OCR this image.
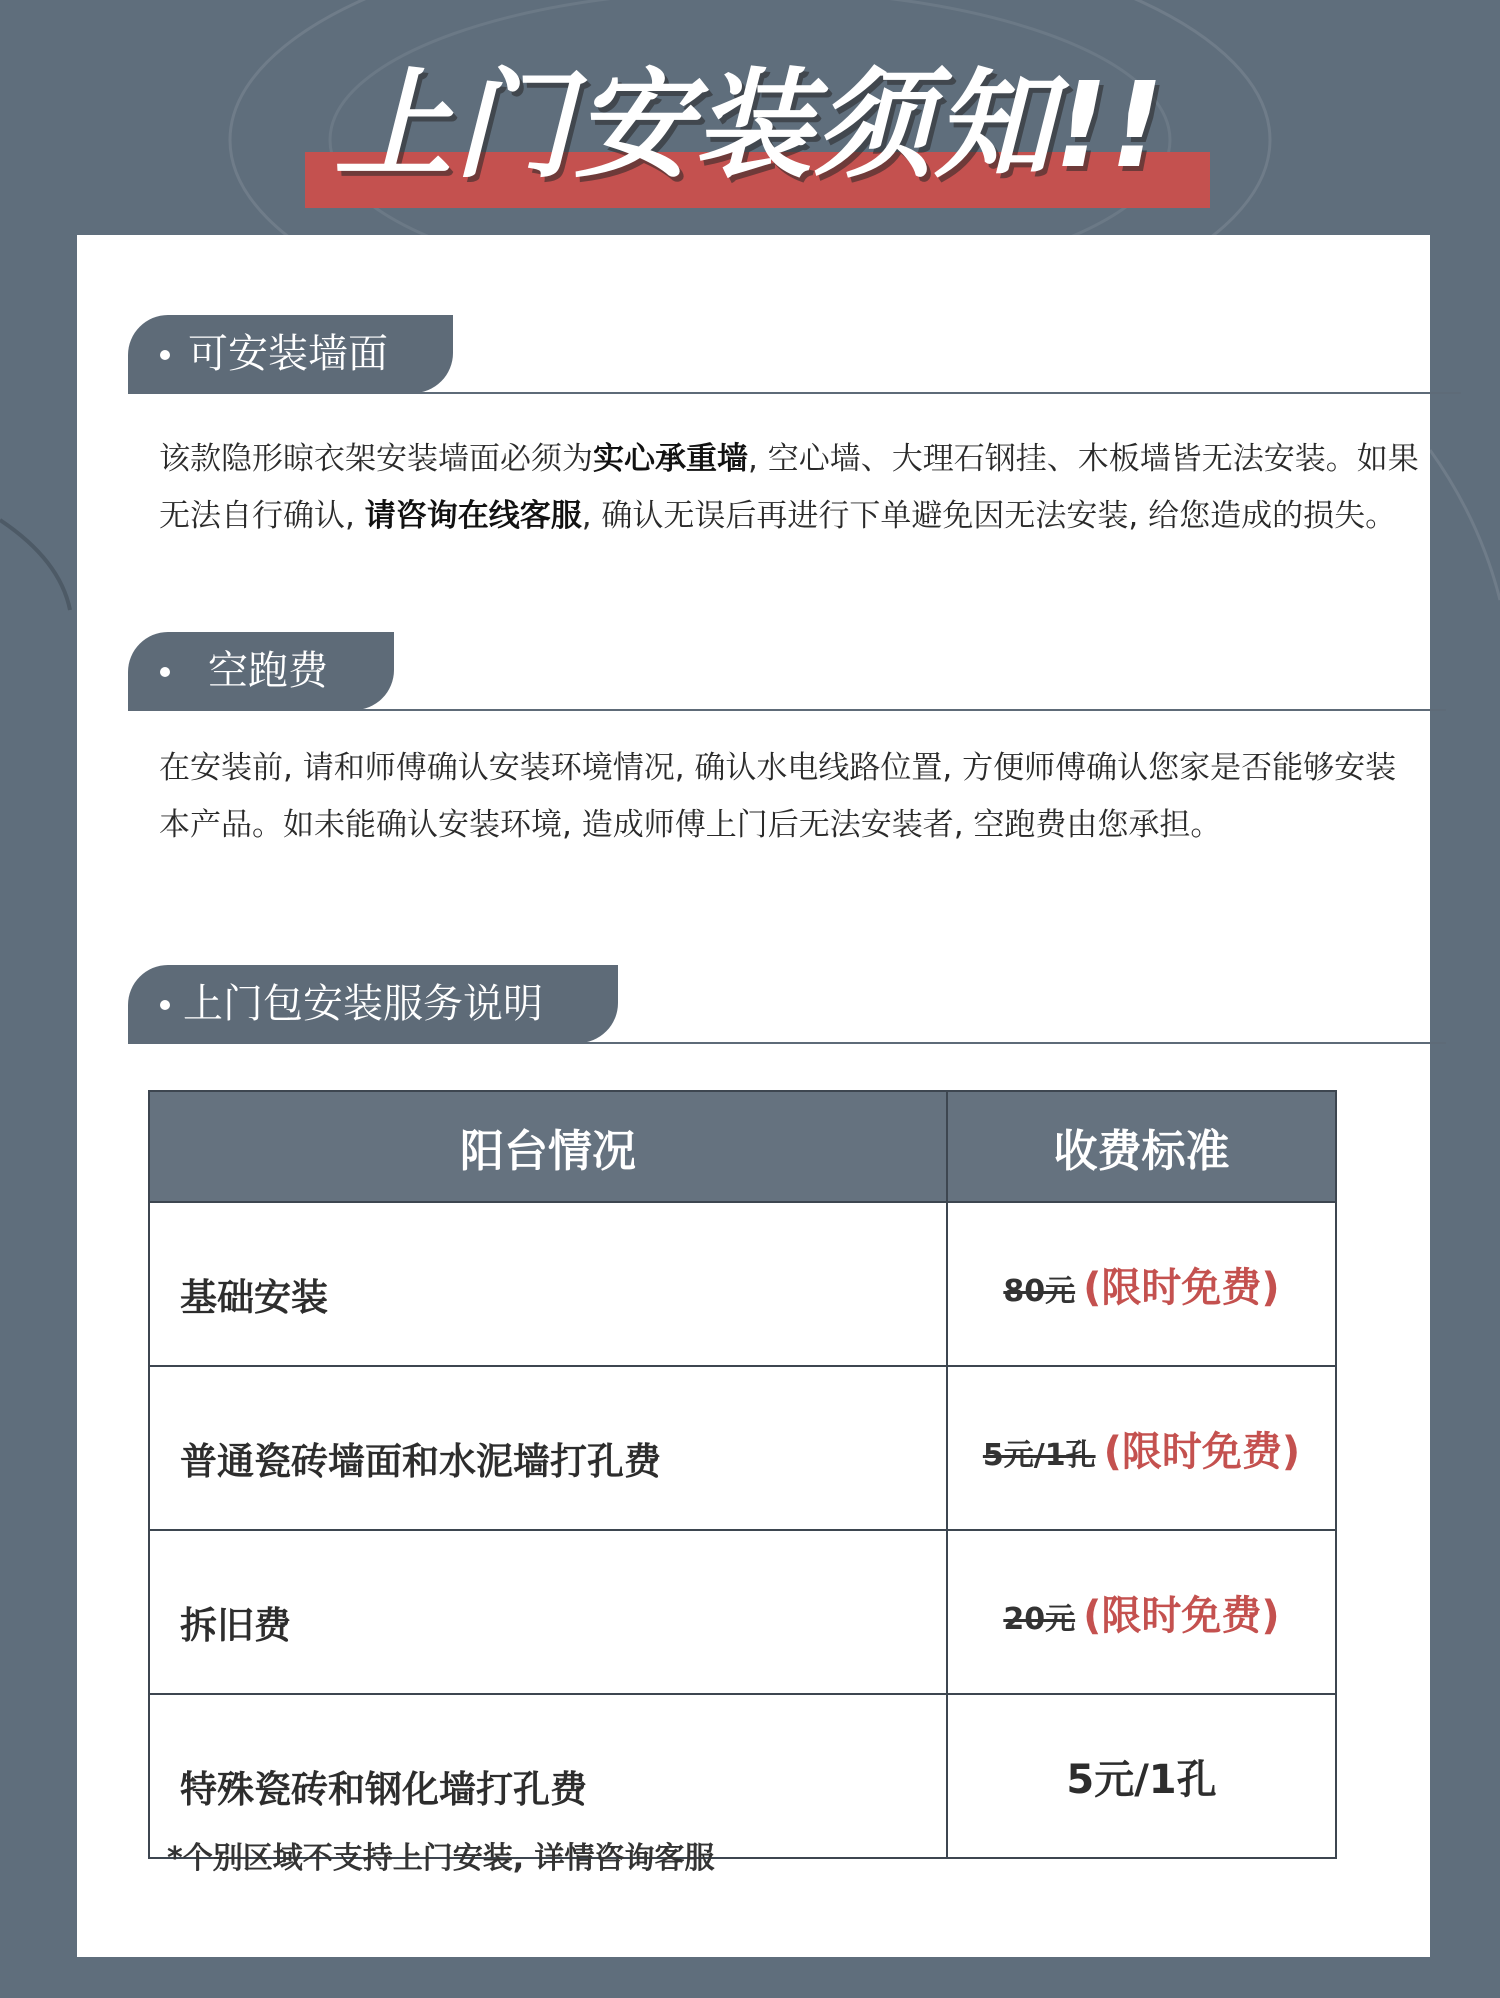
上门安装须知!!
可安装墙面

该款隐形晾衣架安装墙面必须为实心承重墙, 空心墙、大理石钢挂、木板墙皆无法安装。如果无法自行确认, 请咨询在线客服, 确认无误后再进行下单避免因无法安装, 给您造成的损失。

空跑费

在安装前, 请和师傅确认安装环境情况, 确认水电线路位置, 方便师傅确认您家是否能够安装本产品。如未能确认安装环境, 造成师傅上门后无法安装者, 空跑费由您承担。

上门包安装服务说明
阳台情况	收费标准
基础安装	80元 (限时免费)
普通瓷砖墙面和水泥墙打孔费	5元/1孔 (限时免费)
拆旧费	20元 (限时免费)
特殊瓷砖和钢化墙打孔费	5元/1孔

*个别区域不支持上门安装, 详情咨询客服
